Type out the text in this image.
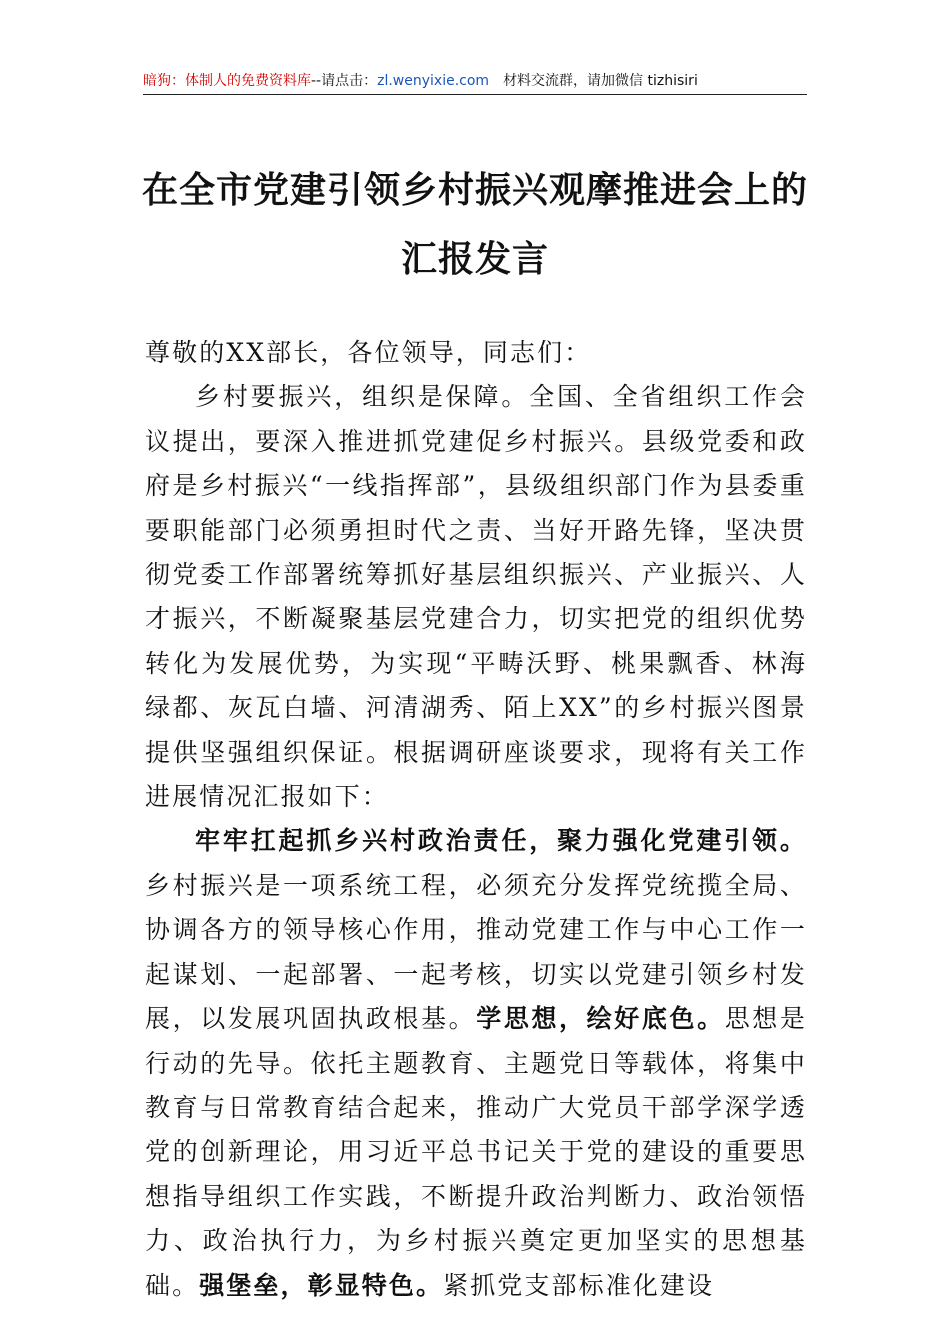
暗狗：体制人的免费资料库--请点击：zl.wenyixie.com 材料交流群，请加微信 tizhisiri
在全市党建引领乡村振兴观摩推进会上的
汇报发言

尊敬的XX部长，各位领导，同志们：

乡村要振兴，组织是保障。全国、全省组织工作会议提出，要深入推进抓党建促乡村振兴。县级党委和政府是乡村振兴“一线指挥部”，县级组织部门作为县委重要职能部门必须勇担时代之责、当好开路先锋，坚决贯彻党委工作部署统筹抓好基层组织振兴、产业振兴、人才振兴，不断凝聚基层党建合力，切实把党的组织优势转化为发展优势，为实现“平畴沃野、桃果飘香、林海绿都、灰瓦白墙、河清湖秀、陌上XX”的乡村振兴图景提供坚强组织保证。根据调研座谈要求，现将有关工作进展情况汇报如下：

牢牢扛起抓乡兴村政治责任，聚力强化党建引领。乡村振兴是一项系统工程，必须充分发挥党统揽全局、协调各方的领导核心作用，推动党建工作与中心工作一起谋划、一起部署、一起考核，切实以党建引领乡村发展，以发展巩固执政根基。学思想，绘好底色。思想是行动的先导。依托主题教育、主题党日等载体，将集中教育与日常教育结合起来，推动广大党员干部学深学透党的创新理论，用习近平总书记关于党的建设的重要思想指导组织工作实践，不断提升政治判断力、政治领悟力、政治执行力，为乡村振兴奠定更加坚实的思想基础。强堡垒，彰显特色。紧抓党支部标准化建设
